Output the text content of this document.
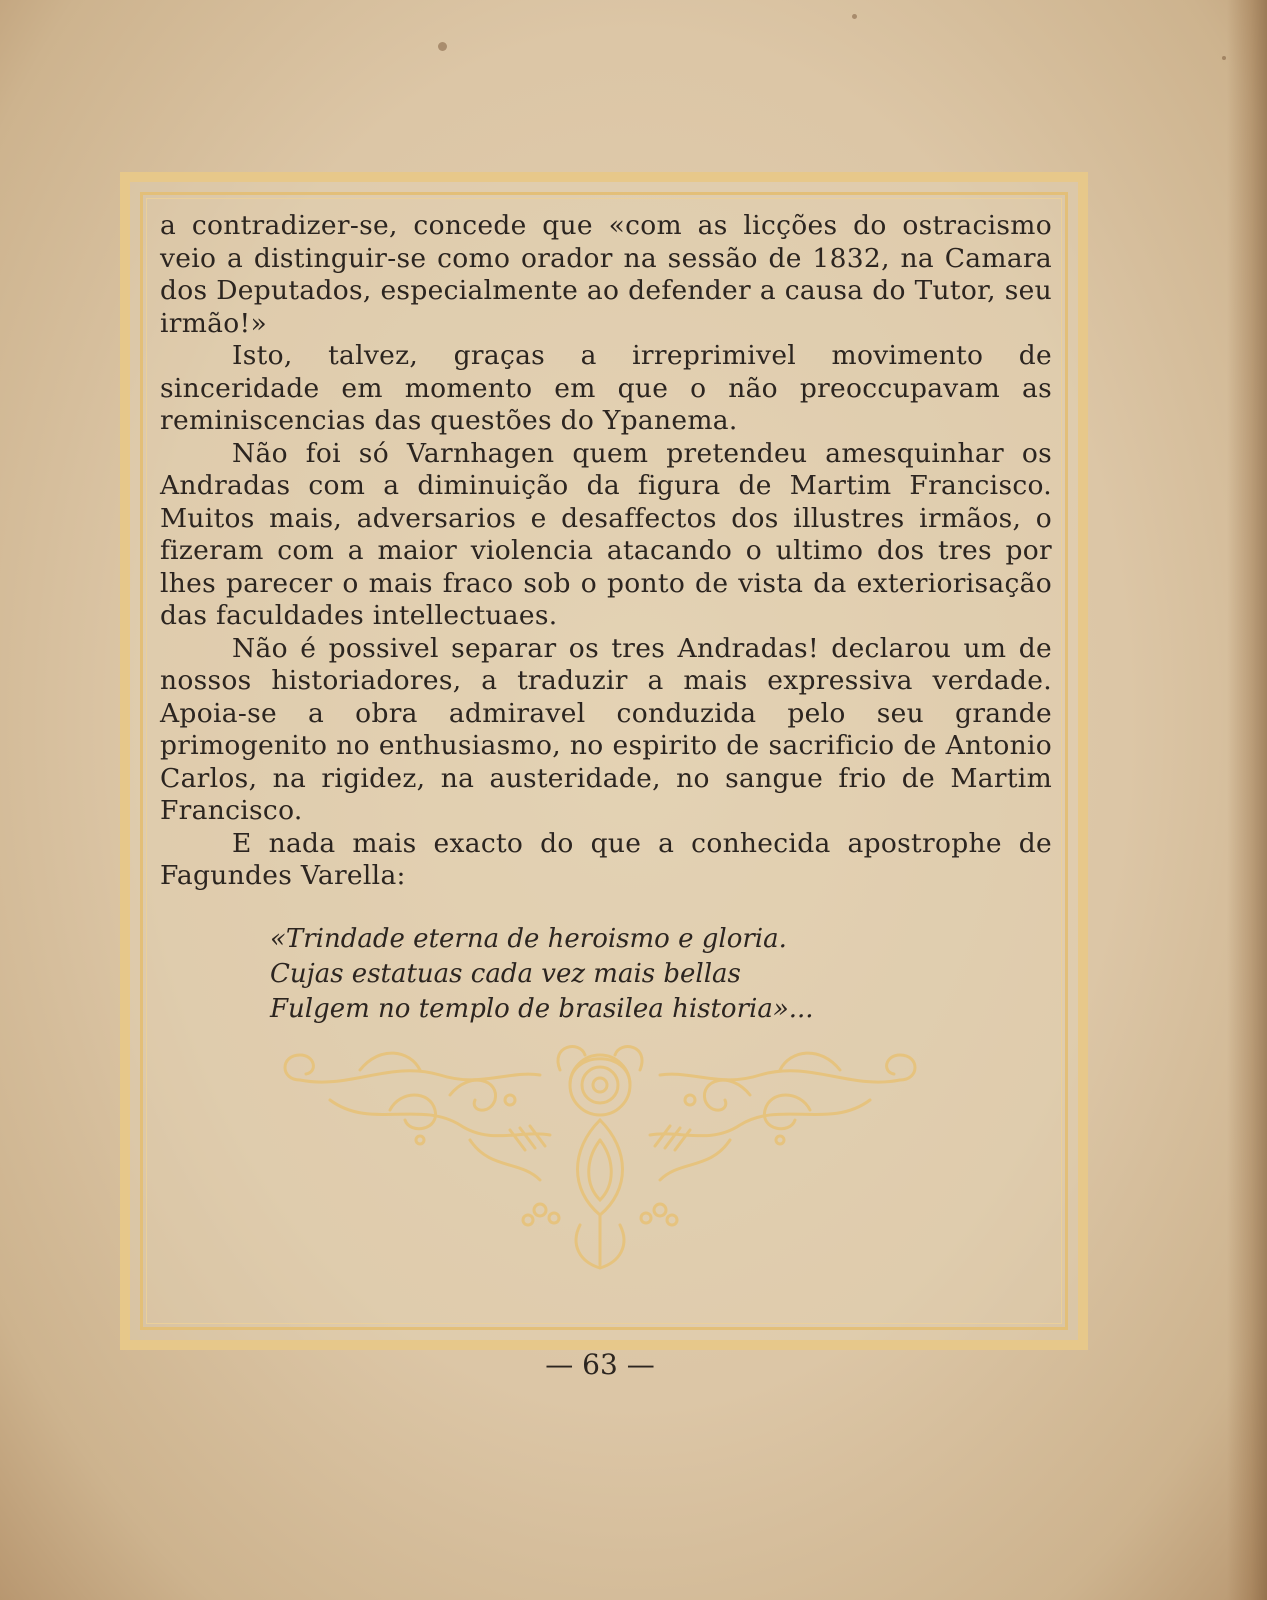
a contradizer-se, concede que «com as licções do ostracismo veio a distinguir-se como orador na sessão de 1832, na Camara dos Deputados, especialmente ao defender a causa do Tutor, seu irmão!»

Isto, talvez, graças a irreprimivel movimento de sinceridade em momento em que o não preoccupavam as reminiscencias das questões do Ypanema.

Não foi só Varnhagen quem pretendeu amesquinhar os Andradas com a diminuição da figura de Martim Francisco. Muitos mais, adversarios e desaffectos dos illustres irmãos, o fizeram com a maior violencia atacando o ultimo dos tres por lhes parecer o mais fraco sob o ponto de vista da exteriorisação das faculdades intellectuaes.

Não é possivel separar os tres Andradas! declarou um de nossos historiadores, a traduzir a mais expressiva verdade. Apoia-se a obra admiravel conduzida pelo seu grande primogenito no enthusiasmo, no espirito de sacrificio de Antonio Carlos, na rigidez, na austeridade, no sangue frio de Martim Francisco.

E nada mais exacto do que a conhecida apostrophe de Fagundes Varella:

«Trindade eterna de heroismo e gloria.
Cujas estatuas cada vez mais bellas
Fulgem no templo de brasilea historia»...
— 63 —
